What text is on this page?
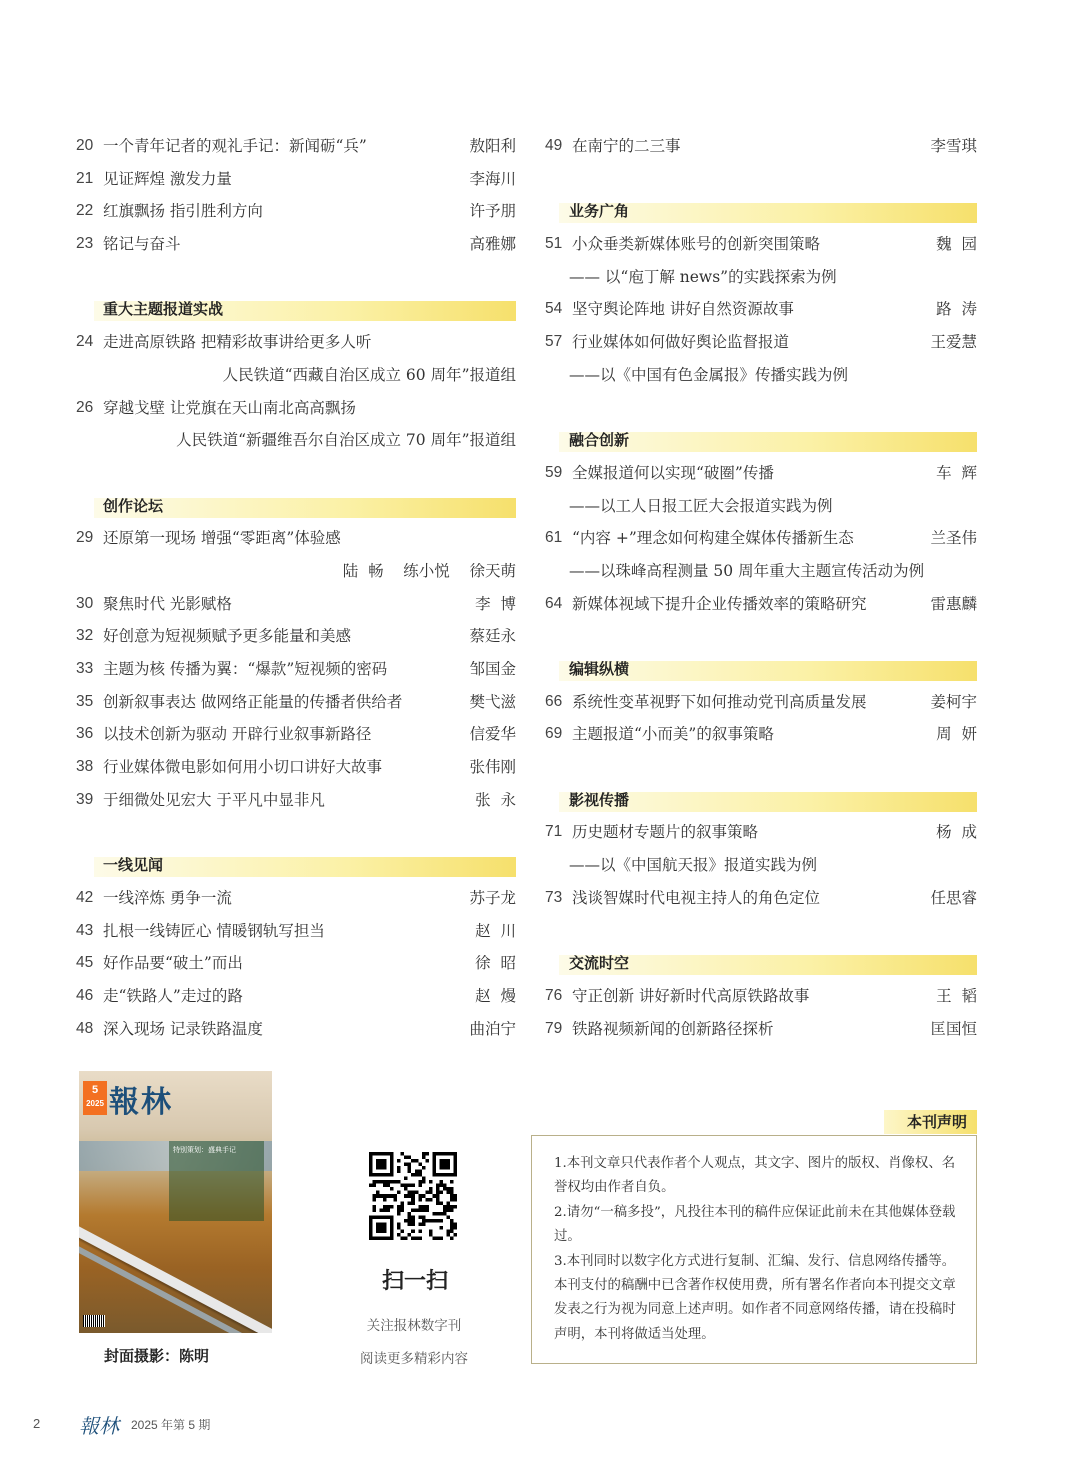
20 一个青年记者的观礼手记：新闻砺“兵”	敖阳利
21 见证辉煌 激发力量	李海川
22 红旗飘扬 指引胜利方向	许予朋
23 铭记与奋斗	高雅娜
重大主题报道实战
24 走进高原铁路 把精彩故事讲给更多人听
人民铁道“西藏自治区成立 60 周年”报道组
26 穿越戈壁 让党旗在天山南北高高飘扬
人民铁道“新疆维吾尔自治区成立 70 周年”报道组
创作论坛
29 还原第一现场 增强“零距离”体验感
陆  畅    练小悦    徐天萌
30 聚焦时代 光影赋格	李  博
32 好创意为短视频赋予更多能量和美感	蔡廷永
33 主题为核 传播为翼：“爆款”短视频的密码	邹国金
35 创新叙事表达 做网络正能量的传播者供给者	樊弋滋
36 以技术创新为驱动 开辟行业叙事新路径	信爱华
38 行业媒体微电影如何用小切口讲好大故事	张伟刚
39 于细微处见宏大 于平凡中显非凡	张  永
一线见闻
42 一线淬炼 勇争一流	苏子龙
43 扎根一线铸匠心 情暖钢轨写担当	赵  川
45 好作品要“破土”而出	徐  昭
46 走“铁路人”走过的路	赵  熳
48 深入现场 记录铁路温度	曲泊宁
49 在南宁的二三事	李雪琪
业务广角
51 小众垂类新媒体账号的创新突围策略	魏  园
—— 以“庖丁解 news”的实践探索为例
54 坚守舆论阵地 讲好自然资源故事	路  涛
57 行业媒体如何做好舆论监督报道	王爱慧
——以《中国有色金属报》传播实践为例
融合创新
59 全媒报道何以实现“破圈”传播	车  辉
——以工人日报工匠大会报道实践为例
61 “内容 +”理念如何构建全媒体传播新生态	兰圣伟
——以珠峰高程测量 50 周年重大主题宣传活动为例
64 新媒体视域下提升企业传播效率的策略研究	雷惠麟
编辑纵横
66 系统性变革视野下如何推动党刊高质量发展	姜柯宇
69 主题报道“小而美”的叙事策略	周  妍
影视传播
71 历史题材专题片的叙事策略	杨  成
——以《中国航天报》报道实践为例
73 浅谈智媒时代电视主持人的角色定位	任思睿
交流时空
76 守正创新 讲好新时代高原铁路故事	王  韬
79 铁路视频新闻的创新路径探析	匡国恒
5
2025 報林
特别策划：盛典手记
封面摄影：陈明
扫一扫
关注报林数字刊
阅读更多精彩内容
本刊声明

1.本刊文章只代表作者个人观点，其文字、图片的版权、肖像权、名誉权均由作者自负。

2.请勿“一稿多投”，凡投往本刊的稿件应保证此前未在其他媒体登载过。

3.本刊同时以数字化方式进行复制、汇编、发行、信息网络传播等。本刊支付的稿酬中已含著作权使用费，所有署名作者向本刊提交文章发表之行为视为同意上述声明。如作者不同意网络传播，请在投稿时声明，本刊将做适当处理。

2 報林 2025 年第 5 期
